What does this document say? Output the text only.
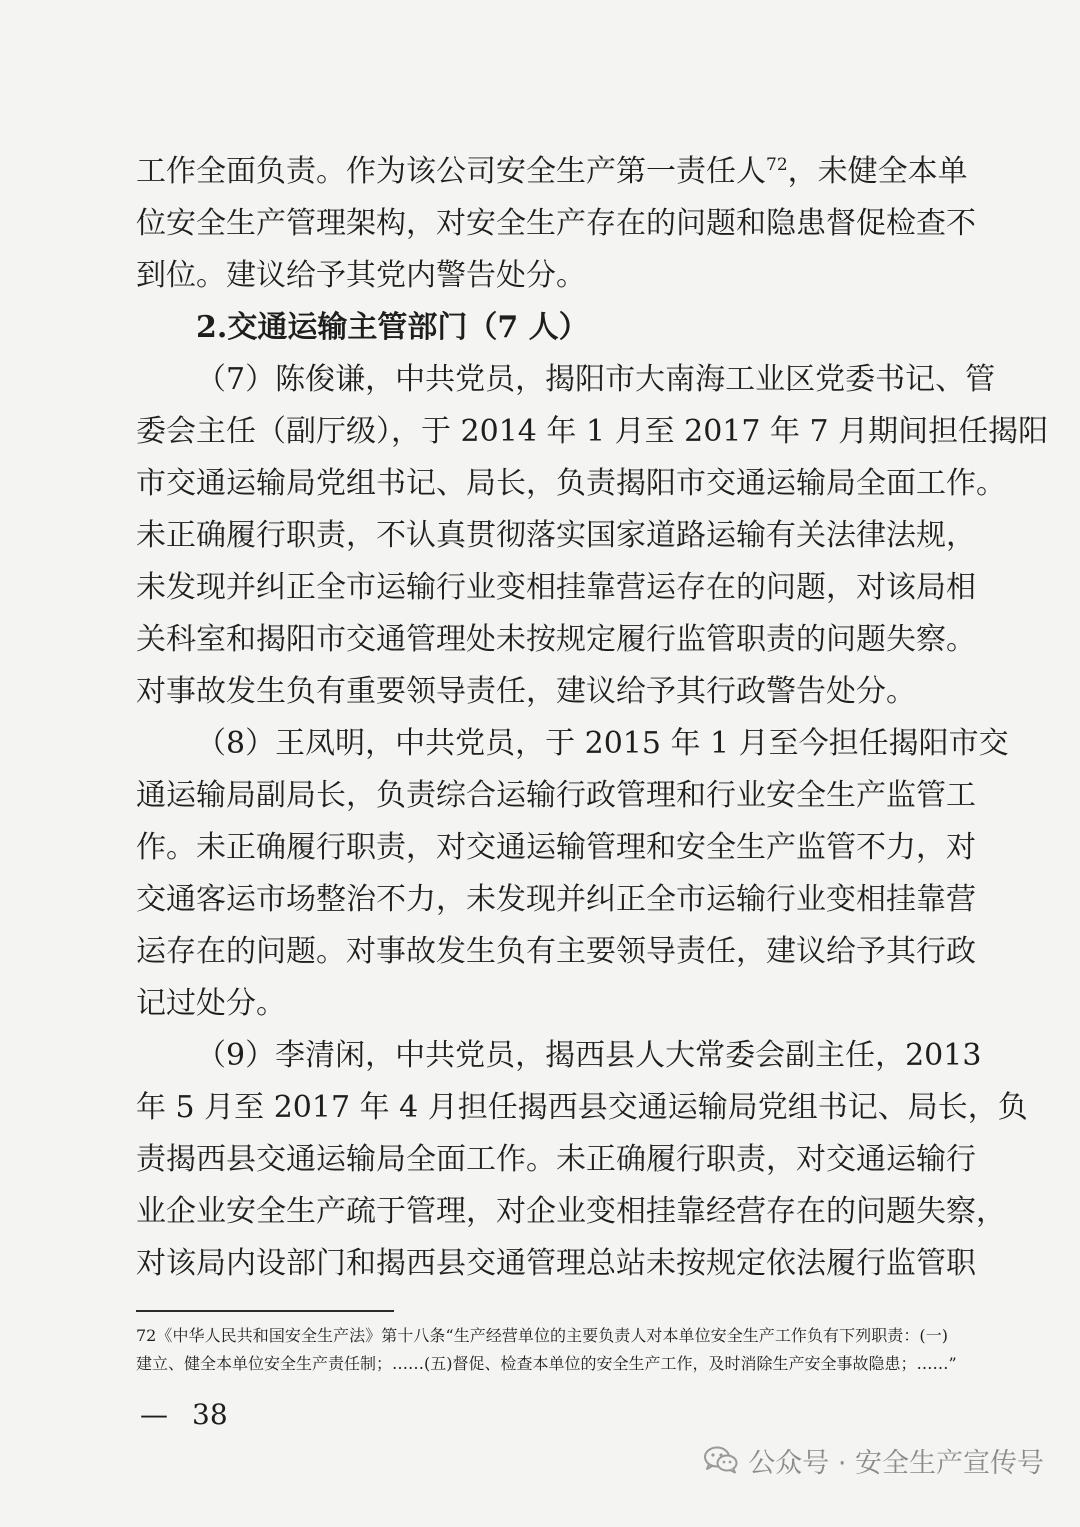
工作全面负责。作为该公司安全生产第一责任人$^{72}$，未健全本单
位安全生产管理架构，对安全生产存在的问题和隐患督促检查不
到位。建议给予其党内警告处分。
2.交通运输主管部门（7 人）
（7）陈俊谦，中共党员，揭阳市大南海工业区党委书记、管
委会主任（副厅级），于 2014 年 1 月至 2017 年 7 月期间担任揭阳
市交通运输局党组书记、局长，负责揭阳市交通运输局全面工作。
未正确履行职责，不认真贯彻落实国家道路运输有关法律法规，
未发现并纠正全市运输行业变相挂靠营运存在的问题，对该局相
关科室和揭阳市交通管理处未按规定履行监管职责的问题失察。
对事故发生负有重要领导责任，建议给予其行政警告处分。
（8）王凤明，中共党员，于 2015 年 1 月至今担任揭阳市交
通运输局副局长，负责综合运输行政管理和行业安全生产监管工
作。未正确履行职责，对交通运输管理和安全生产监管不力，对
交通客运市场整治不力，未发现并纠正全市运输行业变相挂靠营
运存在的问题。对事故发生负有主要领导责任，建议给予其行政
记过处分。
（9）李清闲，中共党员，揭西县人大常委会副主任，2013
年 5 月至 2017 年 4 月担任揭西县交通运输局党组书记、局长，负
责揭西县交通运输局全面工作。未正确履行职责，对交通运输行
业企业安全生产疏于管理，对企业变相挂靠经营存在的问题失察，
对该局内设部门和揭西县交通管理总站未按规定依法履行监管职
72《中华人民共和国安全生产法》第十八条“生产经营单位的主要负责人对本单位安全生产工作负有下列职责：(一)
建立、健全本单位安全生产责任制；……(五)督促、检查本单位的安全生产工作，及时消除生产安全事故隐患；……”
— 38
公众号 · 安全生产宣传号
